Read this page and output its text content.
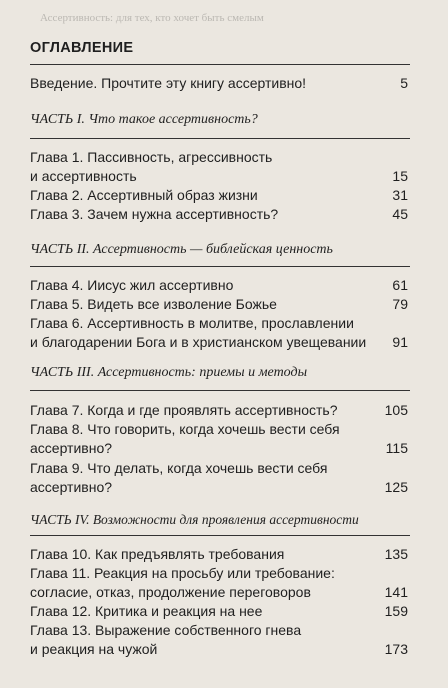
Ассертивность: для тех, кто хочет быть смелым
ОГЛАВЛЕНИЕ
Введение. Прочтите эту книгу ассертивно!	5
ЧАСТЬ I. Что такое ассертивность?
Глава 1. Пассивность, агрессивность
и ассертивность	15
Глава 2. Ассертивный образ жизни	31
Глава 3. Зачем нужна ассертивность?	45
ЧАСТЬ II. Ассертивность — библейская ценность
Глава 4. Иисус жил ассертивно	61
Глава 5. Видеть все изволение Божье	79
Глава 6. Ассертивность в молитве, прославлении
и благодарении Бога и в христианском увещевании	91
ЧАСТЬ III. Ассертивность: приемы и методы
Глава 7. Когда и где проявлять ассертивность?	105
Глава 8. Что говорить, когда хочешь вести себя
ассертивно?	115
Глава 9. Что делать, когда хочешь вести себя
ассертивно?	125
ЧАСТЬ IV. Возможности для проявления ассертивности
Глава 10. Как предъявлять требования	135
Глава 11. Реакция на просьбу или требование:
согласие, отказ, продолжение переговоров	141
Глава 12. Критика и реакция на нее	159
Глава 13. Выражение собственного гнева
и реакция на чужой	173
